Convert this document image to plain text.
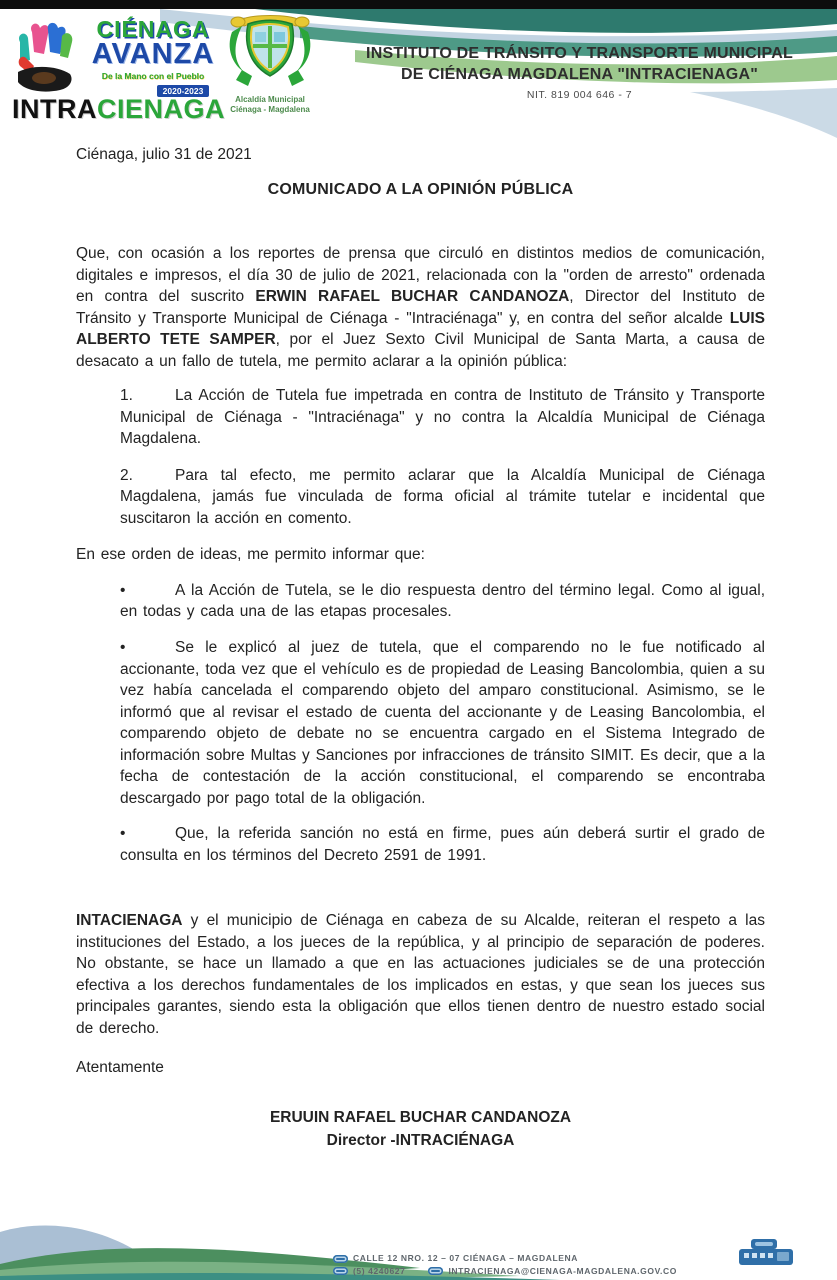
CIÉNAGA
AVANZA
De la Mano con el Pueblo
2020-2023
INTRACIENAGA	Alcaldía Municipal
Ciénaga - Magdalena
INSTITUTO DE TRÁNSITO Y TRANSPORTE MUNICIPAL
DE CIÉNAGA MAGDALENA "INTRACIENAGA"
NIT. 819 004 646 - 7

Ciénaga, julio 31 de 2021

COMUNICADO A LA OPINIÓN PÚBLICA

Que, con ocasión a los reportes de prensa que circuló en distintos medios de comunicación, digitales e impresos, el día 30 de julio de 2021, relacionada con la "orden de arresto" ordenada en contra del suscrito ERWIN RAFAEL BUCHAR CANDANOZA, Director del Instituto de Tránsito y Transporte Municipal de Ciénaga - "Intraciénaga" y, en contra del señor alcalde LUIS ALBERTO TETE SAMPER, por el Juez Sexto Civil Municipal de Santa Marta, a causa de desacato a un fallo de tutela, me permito aclarar a la opinión pública:

1.	La Acción de Tutela fue impetrada en contra de Instituto de Tránsito y Transporte Municipal de Ciénaga - "Intraciénaga" y no contra la Alcaldía Municipal de Ciénaga Magdalena.
2.	Para tal efecto, me permito aclarar que la Alcaldía Municipal de Ciénaga Magdalena, jamás fue vinculada de forma oficial al trámite tutelar e incidental que suscitaron la acción en comento.

En ese orden de ideas, me permito informar que:

•	A la Acción de Tutela, se le dio respuesta dentro del término legal. Como al igual, en todas y cada una de las etapas procesales.
•	Se le explicó al juez de tutela, que el comparendo no le fue notificado al accionante, toda vez que el vehículo es de propiedad de Leasing Bancolombia, quien a su vez había cancelada el comparendo objeto del amparo constitucional. Asimismo, se le informó que al revisar el estado de cuenta del accionante y de Leasing Bancolombia, el comparendo objeto de debate no se encuentra cargado en el Sistema Integrado de información sobre Multas y Sanciones por infracciones de tránsito SIMIT. Es decir, que a la fecha de contestación de la acción constitucional, el comparendo se encontraba descargado por pago total de la obligación.
•	Que, la referida sanción no está en firme, pues aún deberá surtir el grado de consulta en los términos del Decreto 2591 de 1991.

INTACIENAGA y el municipio de Ciénaga en cabeza de su Alcalde, reiteran el respeto a las instituciones del Estado, a los jueces de la república, y al principio de separación de poderes. No obstante, se hace un llamado a que en las actuaciones judiciales se de una protección efectiva a los derechos fundamentales de los implicados en estas, y que sean los jueces sus principales garantes, siendo esta la obligación que ellos tienen dentro de nuestro estado social de derecho.

Atentamente

ERUUIN RAFAEL BUCHAR CANDANOZA
Director -INTRACIÉNAGA
CALLE 12 NRO. 12 – 07 CIÉNAGA – MAGDALENA
(5) 4240627	INTRACIENAGA@CIENAGA-MAGDALENA.GOV.CO
